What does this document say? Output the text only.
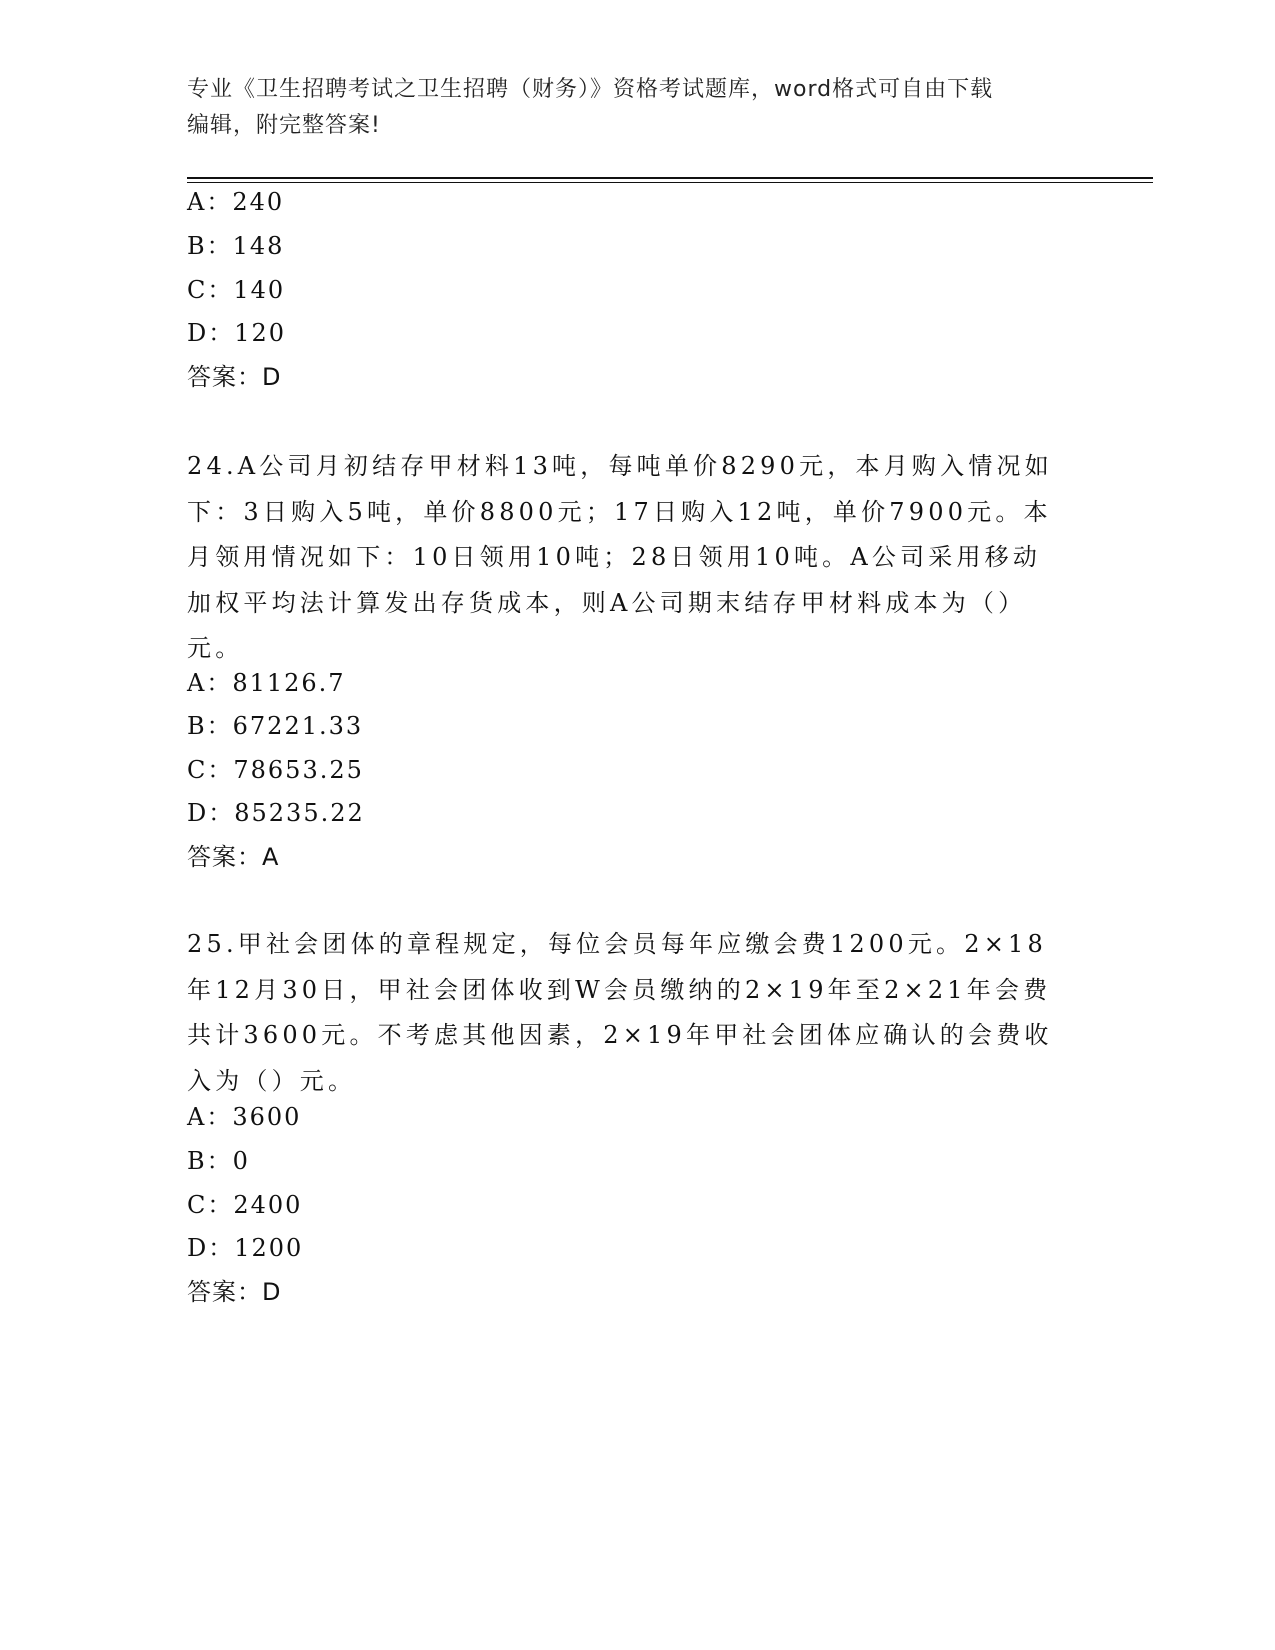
专业《卫生招聘考试之卫生招聘（财务）》资格考试题库，word格式可自由下载
编辑，附完整答案!
A：240
B：148
C：140
D：120
答案：D
24.A公司月初结存甲材料13吨，每吨单价8290元，本月购入情况如下：3日购入5吨，单价8800元；17日购入12吨，单价7900元。本月领用情况如下：10日领用10吨；28日领用10吨。A公司采用移动加权平均法计算发出存货成本，则A公司期末结存甲材料成本为（）元。
A：81126.7
B：67221.33
C：78653.25
D：85235.22
答案：A
25.甲社会团体的章程规定，每位会员每年应缴会费1200元。2×18年12月30日，甲社会团体收到W会员缴纳的2×19年至2×21年会费共计3600元。不考虑其他因素，2×19年甲社会团体应确认的会费收入为（）元。
A：3600
B：0
C：2400
D：1200
答案：D
